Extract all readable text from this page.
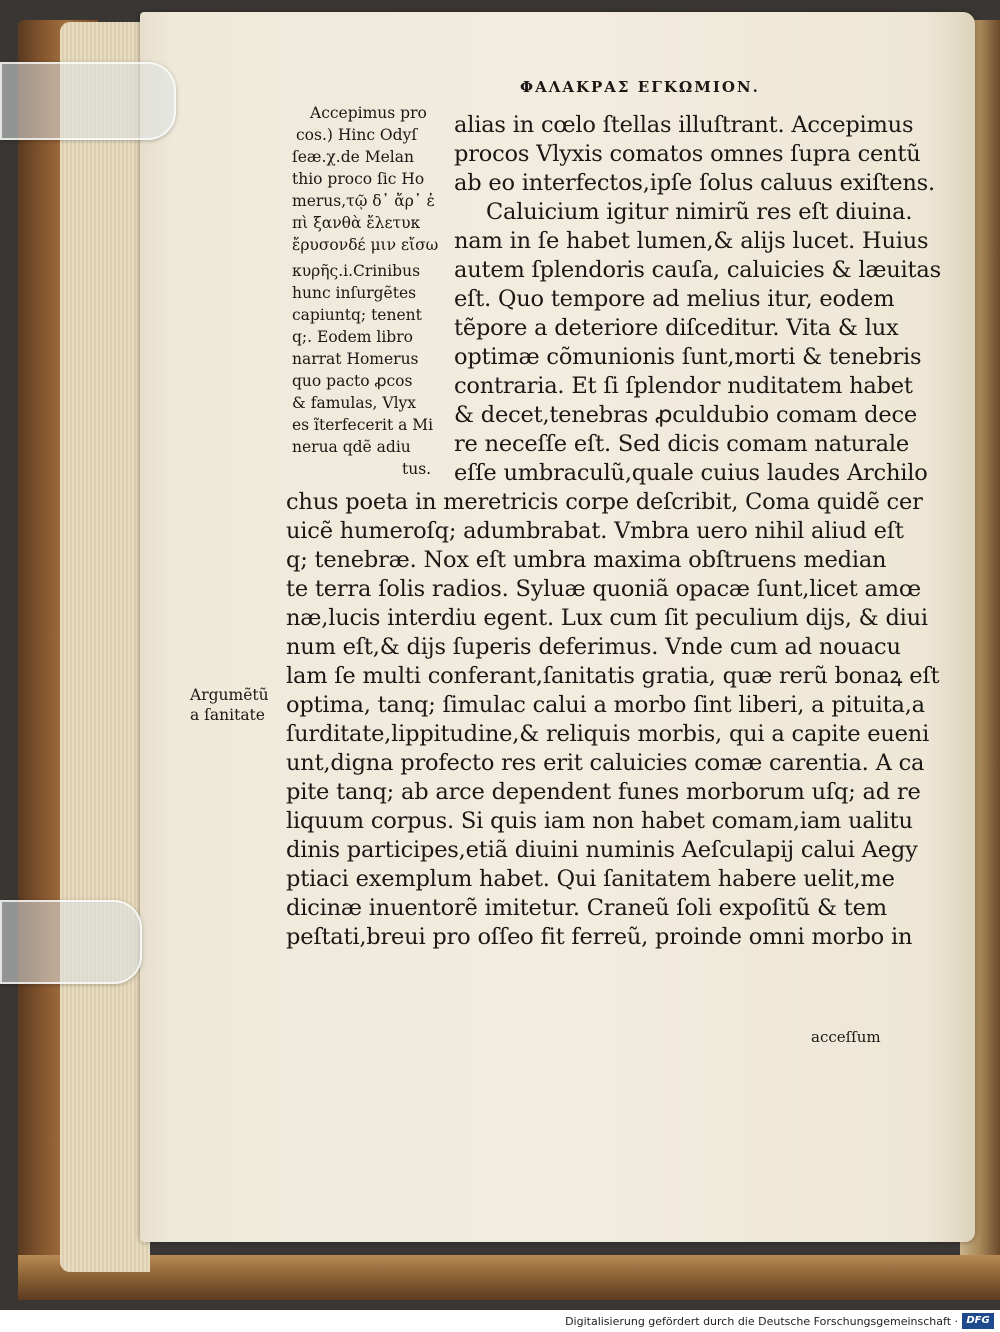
ΦΑΛΑΚΡΑΣ ΕΓΚΩΜΙΟΝ.
Accepimus pro
cos.) Hinc Odyſ
ſeæ.χ.de Melan
thio proco ſic Ho
merus,τῷ δ᾽ ἄρ᾽ ἐ
πὶ ξανθὰ ἔλετυκ
ἔρυσονδέ μιν εἴσω
κυρῆς.i.Crinibus
hunc inſurgẽtes
capiuntq; tenent
q;. Eodem libro
narrat Homerus
quo pacto ꝓcos
& famulas, Vlyx
es ĩterfecerit a Mi
nerua qdẽ adiu
tus.
alias in cœlo ſtellas illuſtrant. Accepimus
procos Vlyxis comatos omnes ſupra centũ
ab eo interfectos,ipſe ſolus caluus exiſtens.
Caluicium igitur nimirũ res eſt diuina.
nam in ſe habet lumen,& alijs lucet. Huius
autem ſplendoris cauſa, caluicies & læuitas
eſt. Quo tempore ad melius itur, eodem
tẽpore a deteriore diſceditur. Vita & lux
optimæ cõmunionis ſunt,morti & tenebris
contraria. Et ſi ſplendor nuditatem habet
& decet,tenebras ꝓculdubio comam dece
re neceſſe eſt. Sed dicis comam naturale
eſſe umbraculũ,quale cuius laudes Archilo
chus poeta in meretricis corpe deſcribit, Coma quidẽ cer
uicẽ humeroſq; adumbrabat. Vmbra uero nihil aliud eſt
q; tenebræ. Nox eſt umbra maxima obſtruens median
te terra ſolis radios. Syluæ quoniã opacæ ſunt,licet amœ
næ,lucis interdiu egent. Lux cum ſit peculium dijs, & diui
num eſt,& dijs ſuperis deferimus. Vnde cum ad nouacu
lam ſe multi conferant,ſanitatis gratia, quæ rerũ bonaꝝ eſt
optima, tanq; ſimulac calui a morbo ſint liberi, a pituita,a
ſurditate,lippitudine,& reliquis morbis, qui a capite eueni
unt,digna profecto res erit caluicies comæ carentia. A ca
pite tanq; ab arce dependent funes morborum uſq; ad re
liquum corpus. Si quis iam non habet comam,iam ualitu
dinis participes,etiã diuini numinis Aeſculapij calui Aegy
ptiaci exemplum habet. Qui ſanitatem habere uelit,me
dicinæ inuentorẽ imitetur. Craneũ ſoli expoſitũ & tem
peſtati,breui pro oſſeo fit ferreũ, proinde omni morbo in
Argumẽtũ
a ſanitate
acceſſum
Digitalisierung gefördert durch die Deutsche Forschungsgemeinschaft · DFG
